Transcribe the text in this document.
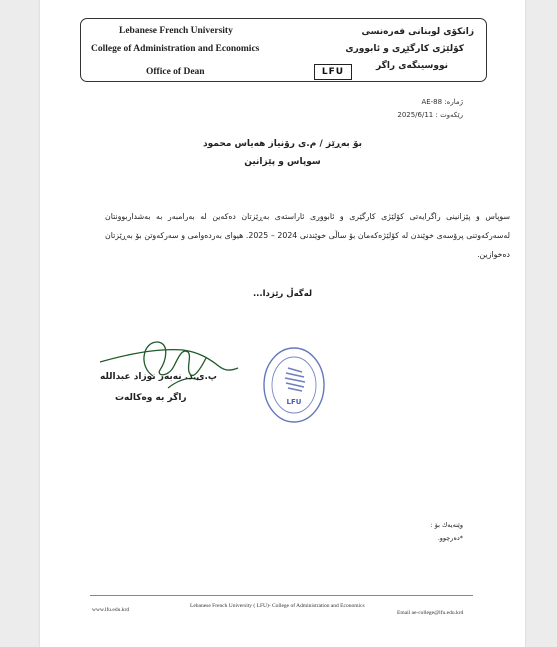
Lebanese French University
College of Administration and Economics
Office of Dean	LFU
زانكۆی لوبنانی فەرەنسی
كۆلێژی كارگێڕی و ئابووری
نووسینگەی راگر
ژمارە: AE-88
رێكەوت : 2025/6/11
بۆ بەڕێز / م.ی رۆنیاز هەیاس محمود
سوپاس و پێزانین
سوپاس و پێزانینی راگرایەتی كۆلێژی كارگێری و ئابووری ئاراستەی بەڕێزتان دەكەین لە بەرامبەر بە بەشداربوونتان لەسەركەوتنی پرۆسەی خوێندن لە كۆلێژەكەمان بۆ ساڵی خوێندنی 2024 – 2025. هیوای بەردەوامی و سەركەوتن بۆ بەڕێزتان دەخوازین.
لەگەڵ رێزدا...
پ.ی.د. نەبەز نوزاد عبدالله
راگر بە وەكالەت	LFU
وێنەیەك بۆ :
*دەرچوو.
Lebanese French University ( LFU)- College of Administration and Economics
www.lfu.edu.krd	Email ae-college@lfu.edu.krd
